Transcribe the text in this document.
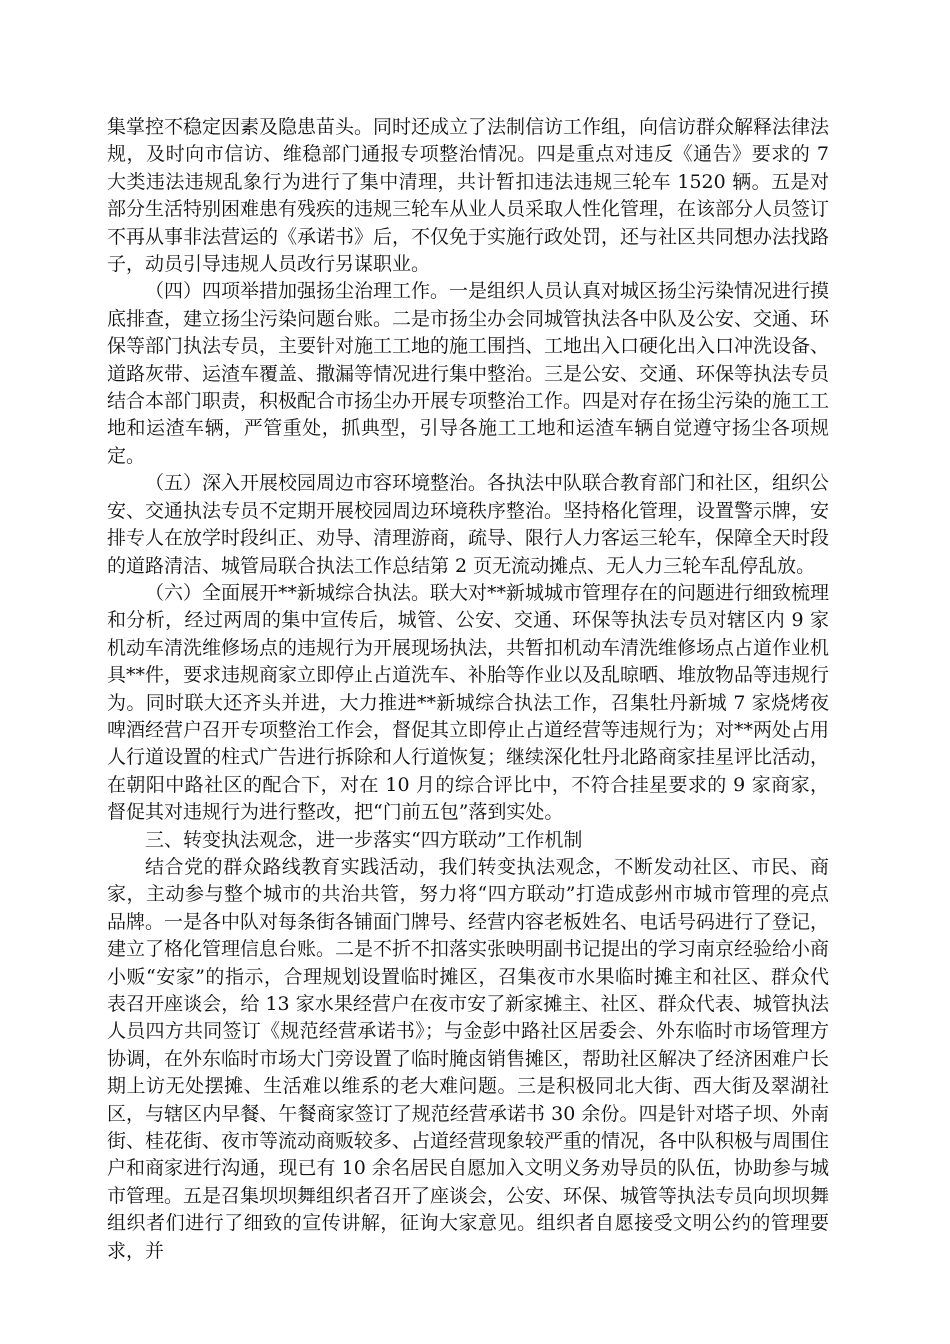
集掌控不稳定因素及隐患苗头。同时还成立了法制信访工作组，向信访群众解释法律法规，及时向市信访、维稳部门通报专项整治情况。四是重点对违反《通告》要求的 7 大类违法违规乱象行为进行了集中清理，共计暂扣违法违规三轮车 1520 辆。五是对部分生活特别困难患有残疾的违规三轮车从业人员采取人性化管理，在该部分人员签订不再从事非法营运的《承诺书》后，不仅免于实施行政处罚，还与社区共同想办法找路子，动员引导违规人员改行另谋职业。

（四）四项举措加强扬尘治理工作。一是组织人员认真对城区扬尘污染情况进行摸底排查，建立扬尘污染问题台账。二是市扬尘办会同城管执法各中队及公安、交通、环保等部门执法专员，主要针对施工工地的施工围挡、工地出入口硬化出入口冲洗设备、道路灰带、运渣车覆盖、撒漏等情况进行集中整治。三是公安、交通、环保等执法专员结合本部门职责，积极配合市扬尘办开展专项整治工作。四是对存在扬尘污染的施工工地和运渣车辆，严管重处，抓典型，引导各施工工地和运渣车辆自觉遵守扬尘各项规定。

（五）深入开展校园周边市容环境整治。各执法中队联合教育部门和社区，组织公安、交通执法专员不定期开展校园周边环境秩序整治。坚持格化管理，设置警示牌，安排专人在放学时段纠正、劝导、清理游商，疏导、限行人力客运三轮车，保障全天时段的道路清洁、城管局联合执法工作总结第 2 页无流动摊点、无人力三轮车乱停乱放。

（六）全面展开**新城综合执法。联大对**新城城市管理存在的问题进行细致梳理和分析，经过两周的集中宣传后，城管、公安、交通、环保等执法专员对辖区内 9 家机动车清洗维修场点的违规行为开展现场执法，共暂扣机动车清洗维修场点占道作业机具**件，要求违规商家立即停止占道洗车、补胎等作业以及乱晾晒、堆放物品等违规行为。同时联大还齐头并进，大力推进**新城综合执法工作，召集牡丹新城 7 家烧烤夜啤酒经营户召开专项整治工作会，督促其立即停止占道经营等违规行为；对**两处占用人行道设置的柱式广告进行拆除和人行道恢复；继续深化牡丹北路商家挂星评比活动，在朝阳中路社区的配合下，对在 10 月的综合评比中，不符合挂星要求的 9 家商家，督促其对违规行为进行整改，把“门前五包”落到实处。

三、转变执法观念，进一步落实“四方联动”工作机制

结合党的群众路线教育实践活动，我们转变执法观念，不断发动社区、市民、商家，主动参与整个城市的共治共管，努力将“四方联动”打造成彭州市城市管理的亮点品牌。一是各中队对每条街各铺面门牌号、经营内容老板姓名、电话号码进行了登记，建立了格化管理信息台账。二是不折不扣落实张映明副书记提出的学习南京经验给小商小贩“安家”的指示，合理规划设置临时摊区，召集夜市水果临时摊主和社区、群众代表召开座谈会，给 13 家水果经营户在夜市安了新家摊主、社区、群众代表、城管执法人员四方共同签订《规范经营承诺书》；与金彭中路社区居委会、外东临时市场管理方协调，在外东临时市场大门旁设置了临时腌卤销售摊区，帮助社区解决了经济困难户长期上访无处摆摊、生活难以维系的老大难问题。三是积极同北大街、西大街及翠湖社区，与辖区内早餐、午餐商家签订了规范经营承诺书 30 余份。四是针对塔子坝、外南街、桂花街、夜市等流动商贩较多、占道经营现象较严重的情况，各中队积极与周围住户和商家进行沟通，现已有 10 余名居民自愿加入文明义务劝导员的队伍，协助参与城市管理。五是召集坝坝舞组织者召开了座谈会，公安、环保、城管等执法专员向坝坝舞组织者们进行了细致的宣传讲解，征询大家意见。组织者自愿接受文明公约的管理要求，并
